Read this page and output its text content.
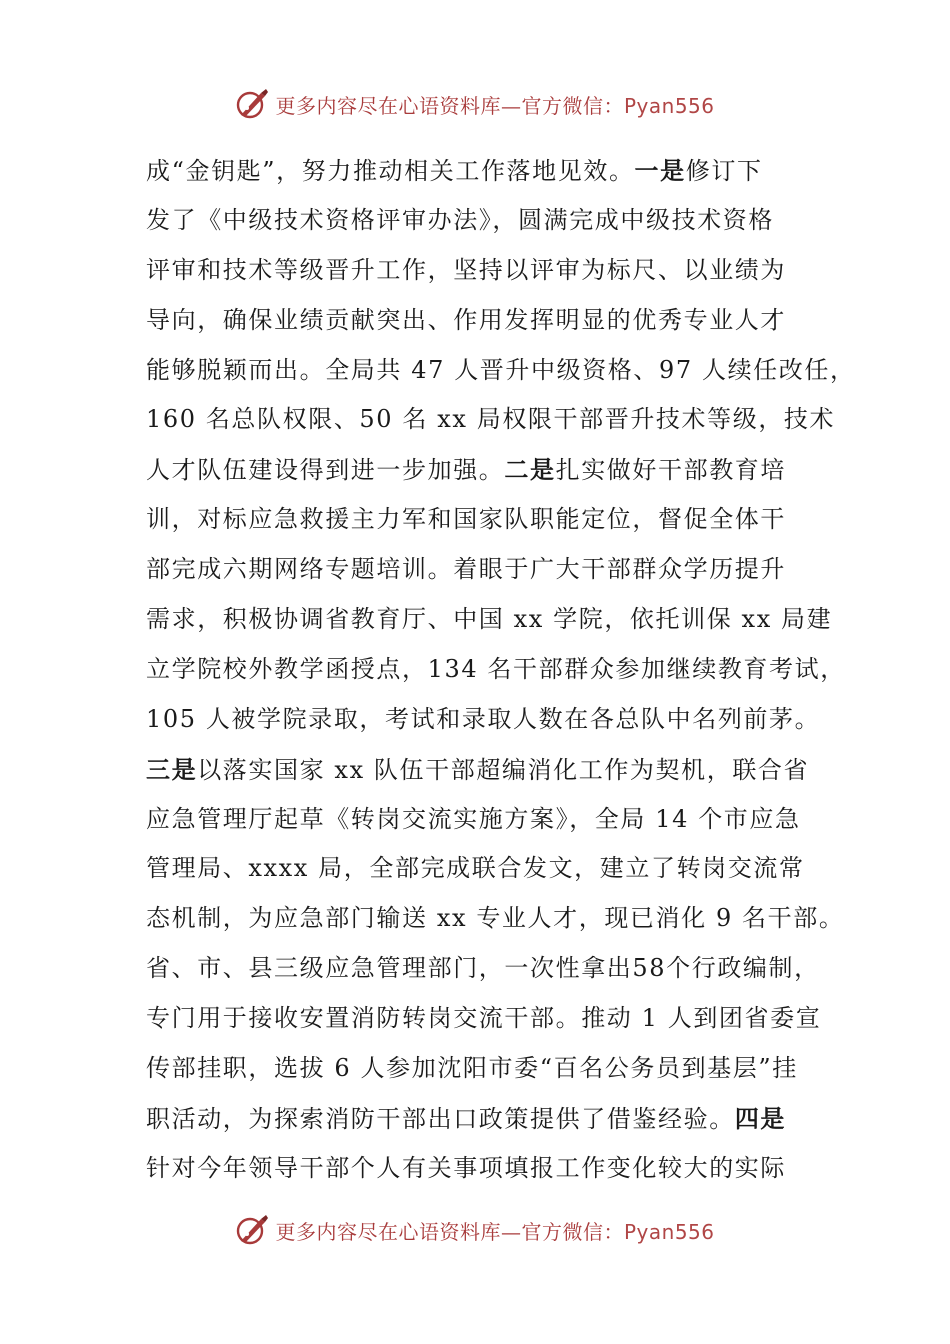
更多内容尽在心语资料库—官方微信：Pyan556
成“金钥匙”，努力推动相关工作落地见效。一是修订下
发了《中级技术资格评审办法》，圆满完成中级技术资格
评审和技术等级晋升工作，坚持以评审为标尺、以业绩为
导向，确保业绩贡献突出、作用发挥明显的优秀专业人才
能够脱颖而出。全局共 47 人晋升中级资格、97 人续任改任，
160 名总队权限、50 名 xx 局权限干部晋升技术等级，技术
人才队伍建设得到进一步加强。二是扎实做好干部教育培
训，对标应急救援主力军和国家队职能定位，督促全体干
部完成六期网络专题培训。着眼于广大干部群众学历提升
需求，积极协调省教育厅、中国 xx 学院，依托训保 xx 局建
立学院校外教学函授点，134 名干部群众参加继续教育考试，
105 人被学院录取，考试和录取人数在各总队中名列前茅。
三是以落实国家 xx 队伍干部超编消化工作为契机，联合省
应急管理厅起草《转岗交流实施方案》，全局 14 个市应急
管理局、xxxx 局，全部完成联合发文，建立了转岗交流常
态机制，为应急部门输送 xx 专业人才，现已消化 9 名干部。
省、市、县三级应急管理部门，一次性拿出58个行政编制，
专门用于接收安置消防转岗交流干部。推动 1 人到团省委宣
传部挂职，选拔 6 人参加沈阳市委“百名公务员到基层”挂
职活动，为探索消防干部出口政策提供了借鉴经验。四是
针对今年领导干部个人有关事项填报工作变化较大的实际
更多内容尽在心语资料库—官方微信：Pyan556
